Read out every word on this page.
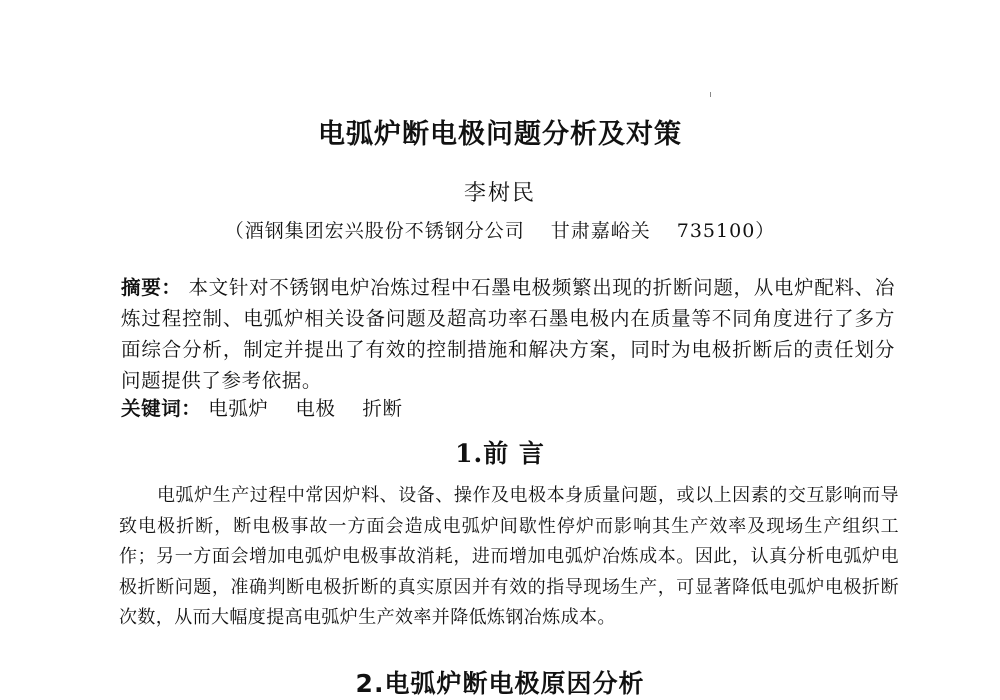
电弧炉断电极问题分析及对策
李树民
（酒钢集团宏兴股份不锈钢分公司 甘肃嘉峪关 735100）
摘要： 本文针对不锈钢电炉冶炼过程中石墨电极频繁出现的折断问题，从电炉配料、冶炼过程控制、电弧炉相关设备问题及超高功率石墨电极内在质量等不同角度进行了多方面综合分析，制定并提出了有效的控制措施和解决方案，同时为电极折断后的责任划分问题提供了参考依据。
关键词： 电弧炉 电极 折断
1.前 言
电弧炉生产过程中常因炉料、设备、操作及电极本身质量问题，或以上因素的交互影响而导致电极折断，断电极事故一方面会造成电弧炉间歇性停炉而影响其生产效率及现场生产组织工作；另一方面会增加电弧炉电极事故消耗，进而增加电弧炉冶炼成本。因此，认真分析电弧炉电极折断问题，准确判断电极折断的真实原因并有效的指导现场生产，可显著降低电弧炉电极折断次数，从而大幅度提高电弧炉生产效率并降低炼钢冶炼成本。
2.电弧炉断电极原因分析
